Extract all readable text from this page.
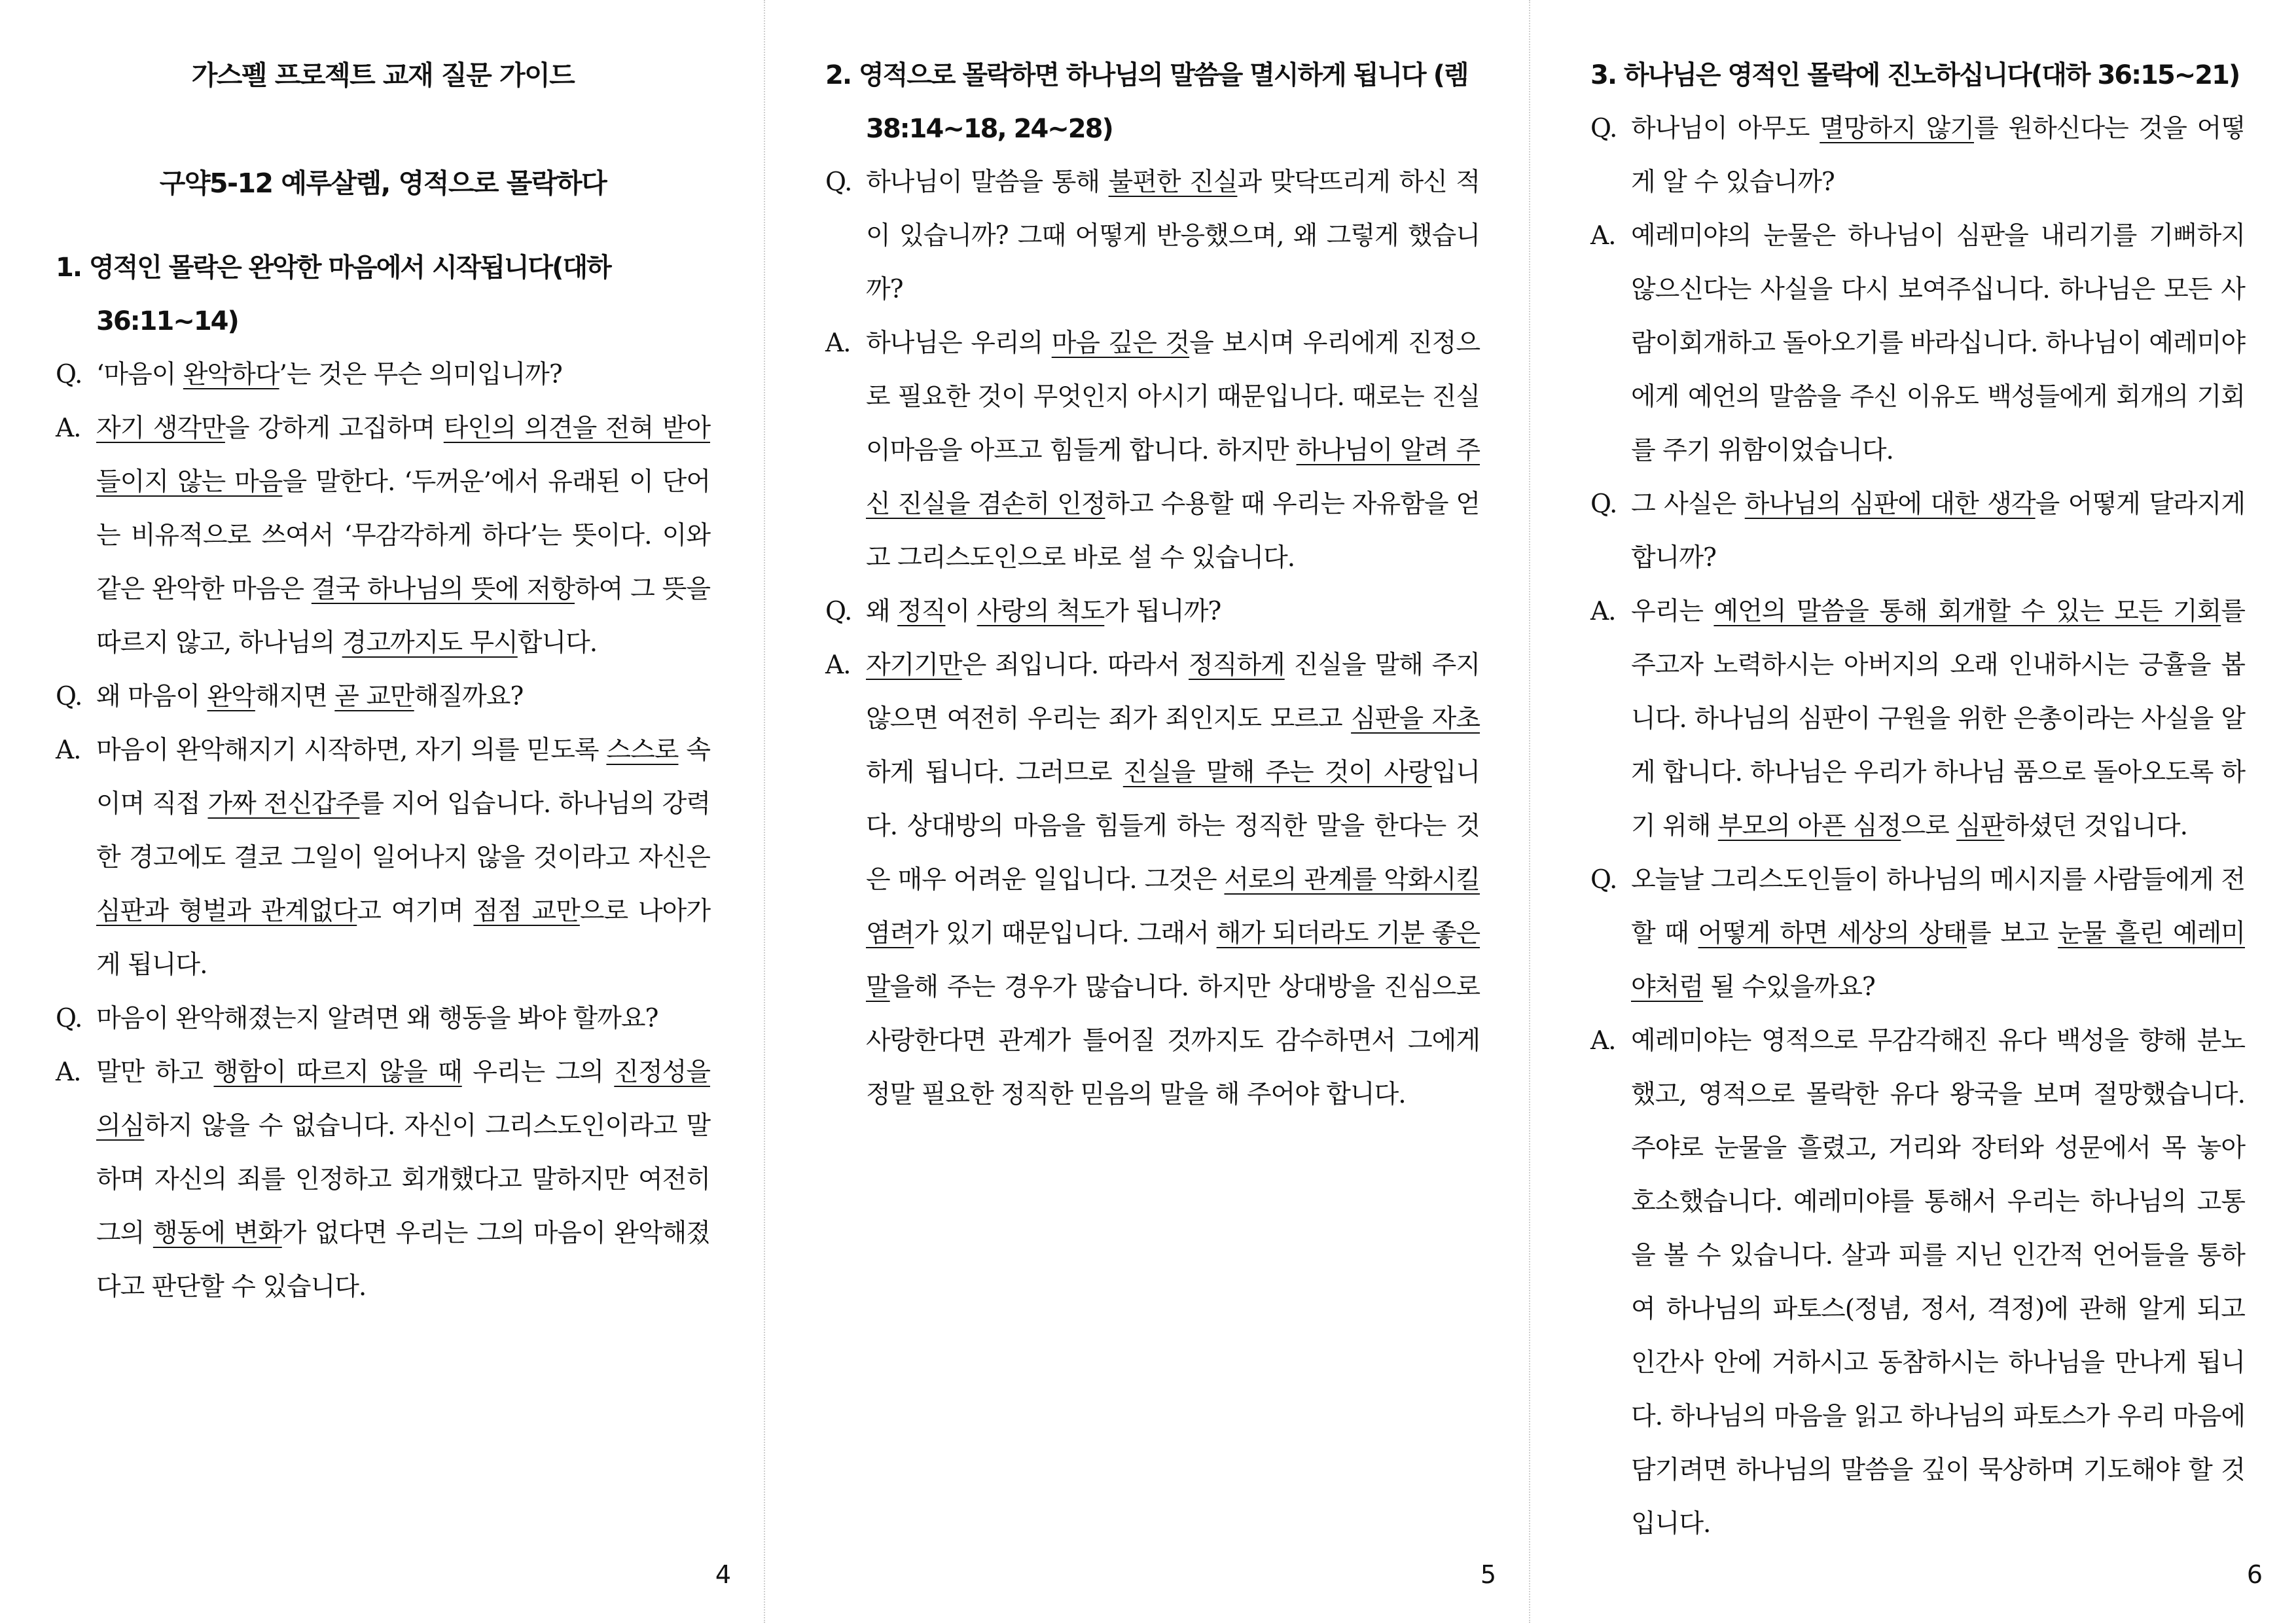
가스펠 프로젝트 교재 질문 가이드
구약5-12 예루살렘, 영적으로 몰락하다
1. 영적인 몰락은 완악한 마음에서 시작됩니다(대하 36:11~14)
Q. ‘마음이 완악하다’는 것은 무슨 의미입니까?
A. 자기 생각만을 강하게 고집하며 타인의 의견을 전혀 받아들이지 않는 마음을 말한다. ‘두꺼운’에서 유래된 이 단어는 비유적으로 쓰여서 ‘무감각하게 하다’는 뜻이다. 이와 같은 완악한 마음은 결국 하나님의 뜻에 저항하여 그 뜻을 따르지 않고, 하나님의 경고까지도 무시합니다.
Q. 왜 마음이 완악해지면 곧 교만해질까요?
A. 마음이 완악해지기 시작하면, 자기 의를 믿도록 스스로 속이며 직접 가짜 전신갑주를 지어 입습니다. 하나님의 강력한 경고에도 결코 그일이 일어나지 않을 것이라고 자신은 심판과 형벌과 관계없다고 여기며 점점 교만으로 나아가게 됩니다.
Q. 마음이 완악해졌는지 알려면 왜 행동을 봐야 할까요?
A. 말만 하고 행함이 따르지 않을 때 우리는 그의 진정성을 의심하지 않을 수 없습니다. 자신이 그리스도인이라고 말하며 자신의 죄를 인정하고 회개했다고 말하지만 여전히 그의 행동에 변화가 없다면 우리는 그의 마음이 완악해졌다고 판단할 수 있습니다.
4
2. 영적으로 몰락하면 하나님의 말씀을 멸시하게 됩니다 (렘 38:14~18, 24~28)
Q. 하나님이 말씀을 통해 불편한 진실과 맞닥뜨리게 하신 적이 있습니까? 그때 어떻게 반응했으며, 왜 그렇게 했습니까?
A. 하나님은 우리의 마음 깊은 것을 보시며 우리에게 진정으로 필요한 것이 무엇인지 아시기 때문입니다. 때로는 진실이마음을 아프고 힘들게 합니다. 하지만 하나님이 알려 주신 진실을 겸손히 인정하고 수용할 때 우리는 자유함을 얻고 그리스도인으로 바로 설 수 있습니다.
Q. 왜 정직이 사랑의 척도가 됩니까?
A. 자기기만은 죄입니다. 따라서 정직하게 진실을 말해 주지 않으면 여전히 우리는 죄가 죄인지도 모르고 심판을 자초하게 됩니다. 그러므로 진실을 말해 주는 것이 사랑입니다. 상대방의 마음을 힘들게 하는 정직한 말을 한다는 것은 매우 어려운 일입니다. 그것은 서로의 관계를 악화시킬 염려가 있기 때문입니다. 그래서 해가 되더라도 기분 좋은 말을해 주는 경우가 많습니다. 하지만 상대방을 진심으로 사랑한다면 관계가 틀어질 것까지도 감수하면서 그에게 정말 필요한 정직한 믿음의 말을 해 주어야 합니다.
5
3. 하나님은 영적인 몰락에 진노하십니다(대하 36:15~21)
Q. 하나님이 아무도 멸망하지 않기를 원하신다는 것을 어떻게 알 수 있습니까?
A. 예레미야의 눈물은 하나님이 심판을 내리기를 기뻐하지 않으신다는 사실을 다시 보여주십니다. 하나님은 모든 사람이회개하고 돌아오기를 바라십니다. 하나님이 예레미야에게 예언의 말씀을 주신 이유도 백성들에게 회개의 기회를 주기 위함이었습니다.
Q. 그 사실은 하나님의 심판에 대한 생각을 어떻게 달라지게 합니까?
A. 우리는 예언의 말씀을 통해 회개할 수 있는 모든 기회를 주고자 노력하시는 아버지의 오래 인내하시는 긍휼을 봅니다. 하나님의 심판이 구원을 위한 은총이라는 사실을 알게 합니다. 하나님은 우리가 하나님 품으로 돌아오도록 하기 위해 부모의 아픈 심정으로 심판하셨던 것입니다.
Q. 오늘날 그리스도인들이 하나님의 메시지를 사람들에게 전할 때 어떻게 하면 세상의 상태를 보고 눈물 흘린 예레미야처럼 될 수있을까요?
A. 예레미야는 영적으로 무감각해진 유다 백성을 향해 분노했고, 영적으로 몰락한 유다 왕국을 보며 절망했습니다. 주야로 눈물을 흘렸고, 거리와 장터와 성문에서 목 놓아 호소했습니다. 예레미야를 통해서 우리는 하나님의 고통을 볼 수 있습니다. 살과 피를 지닌 인간적 언어들을 통하여 하나님의 파토스(정념, 정서, 격정)에 관해 알게 되고 인간사 안에 거하시고 동참하시는 하나님을 만나게 됩니다. 하나님의 마음을 읽고 하나님의 파토스가 우리 마음에 담기려면 하나님의 말씀을 깊이 묵상하며 기도해야 할 것입니다.
6
